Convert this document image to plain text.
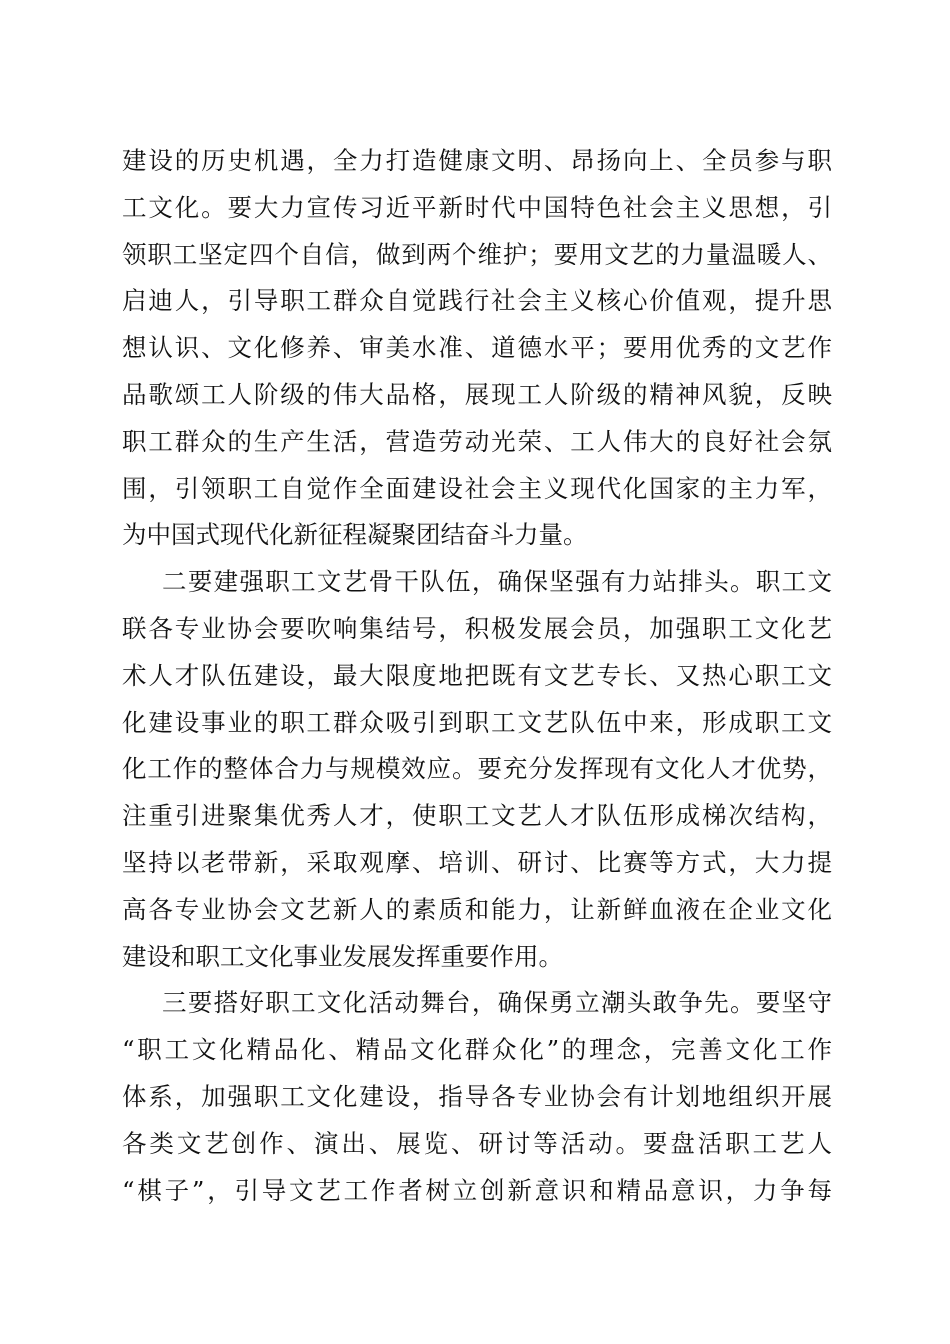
建设的历史机遇，全力打造健康文明、昂扬向上、全员参与职
工文化。要大力宣传习近平新时代中国特色社会主义思想，引
领职工坚定四个自信，做到两个维护；要用文艺的力量温暖人、
启迪人，引导职工群众自觉践行社会主义核心价值观，提升思
想认识、文化修养、审美水准、道德水平；要用优秀的文艺作
品歌颂工人阶级的伟大品格，展现工人阶级的精神风貌，反映
职工群众的生产生活，营造劳动光荣、工人伟大的良好社会氛
围，引领职工自觉作全面建设社会主义现代化国家的主力军，
为中国式现代化新征程凝聚团结奋斗力量。
二要建强职工文艺骨干队伍，确保坚强有力站排头。职工文
联各专业协会要吹响集结号，积极发展会员，加强职工文化艺
术人才队伍建设，最大限度地把既有文艺专长、又热心职工文
化建设事业的职工群众吸引到职工文艺队伍中来，形成职工文
化工作的整体合力与规模效应。要充分发挥现有文化人才优势，
注重引进聚集优秀人才，使职工文艺人才队伍形成梯次结构，
坚持以老带新，采取观摩、培训、研讨、比赛等方式，大力提
高各专业协会文艺新人的素质和能力，让新鲜血液在企业文化
建设和职工文化事业发展发挥重要作用。
三要搭好职工文化活动舞台，确保勇立潮头敢争先。要坚守
“职工文化精品化、精品文化群众化”的理念，完善文化工作
体系，加强职工文化建设，指导各专业协会有计划地组织开展
各类文艺创作、演出、展览、研讨等活动。要盘活职工艺人
“棋子”，引导文艺工作者树立创新意识和精品意识，力争每
